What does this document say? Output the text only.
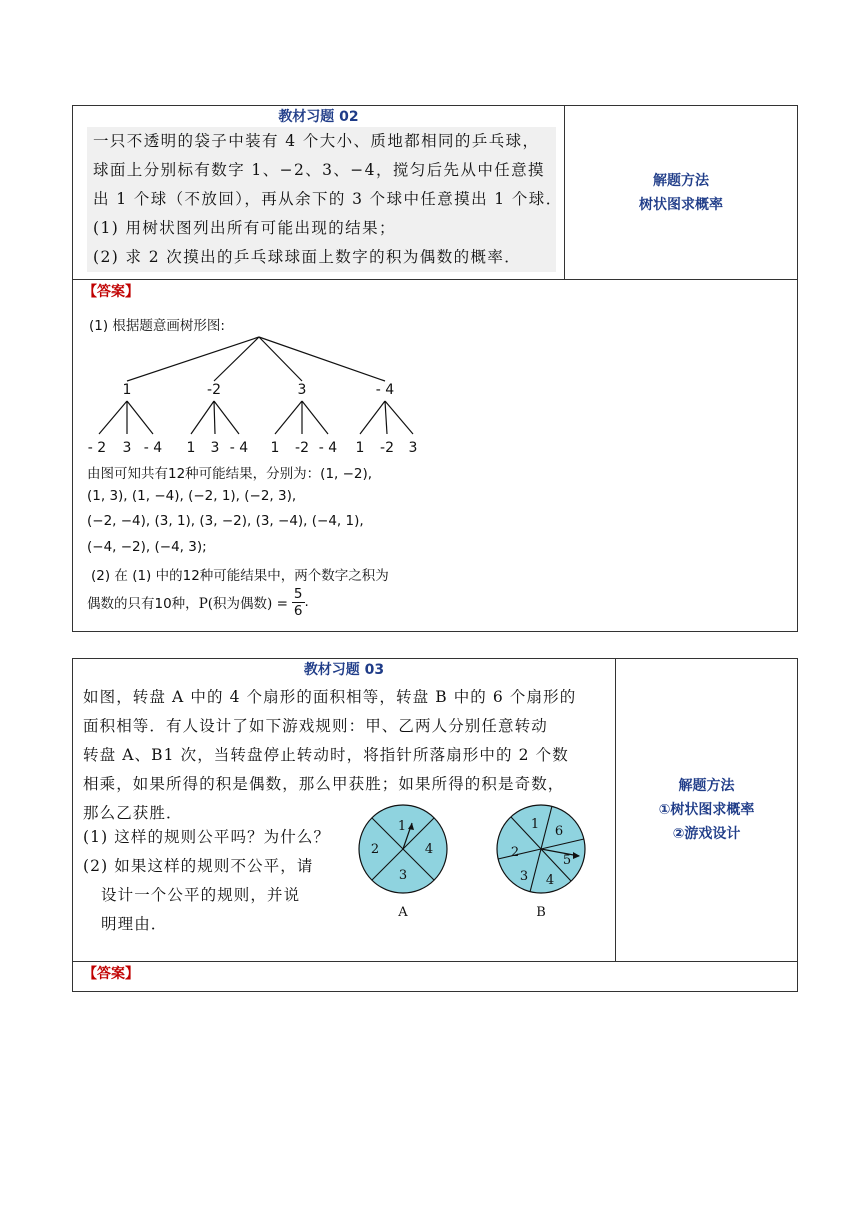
教材习题 02
一只不透明的袋子中装有 4 个大小、质地都相同的乒乓球，
球面上分别标有数字 1、−2、3、−4，搅匀后先从中任意摸
出 1 个球（不放回），再从余下的 3 个球中任意摸出 1 个球．
(1) 用树状图列出所有可能出现的结果；
(2) 求 2 次摸出的乒乓球球面上数字的积为偶数的概率．
解题方法
树状图求概率
【答案】
(1) 根据题意画树形图:
1	-2	3	- 4
- 2 3 - 4 1 3 - 4 1 -2 - 4 1 -2 3
由图可知共有12种可能结果，分别为：(1, −2),
(1, 3), (1, −4), (−2, 1), (−2, 3),
(−2, −4), (3, 1), (3, −2), (3, −4), (−4, 1),
(−4, −2), (−4, 3);
(2) 在 (1) 中的12种可能结果中，两个数字之积为
偶数的只有10种， P(积为偶数) = $\frac{5}{6}$ .
教材习题 03
如图，转盘 A 中的 4 个扇形的面积相等，转盘 B 中的 6 个扇形的
面积相等．有人设计了如下游戏规则：甲、乙两人分别任意转动
转盘 A、B1 次，当转盘停止转动时，将指针所落扇形中的 2 个数
相乘，如果所得的积是偶数，那么甲获胜；如果所得的积是奇数，
那么乙获胜．
(1) 这样的规则公平吗？为什么？
(2) 如果这样的规则不公平，请
设计一个公平的规则，并说
明理由．
1
2
3
4
A
1 6
5
4
3
2
B
解题方法
①树状图求概率
②游戏设计
【答案】
